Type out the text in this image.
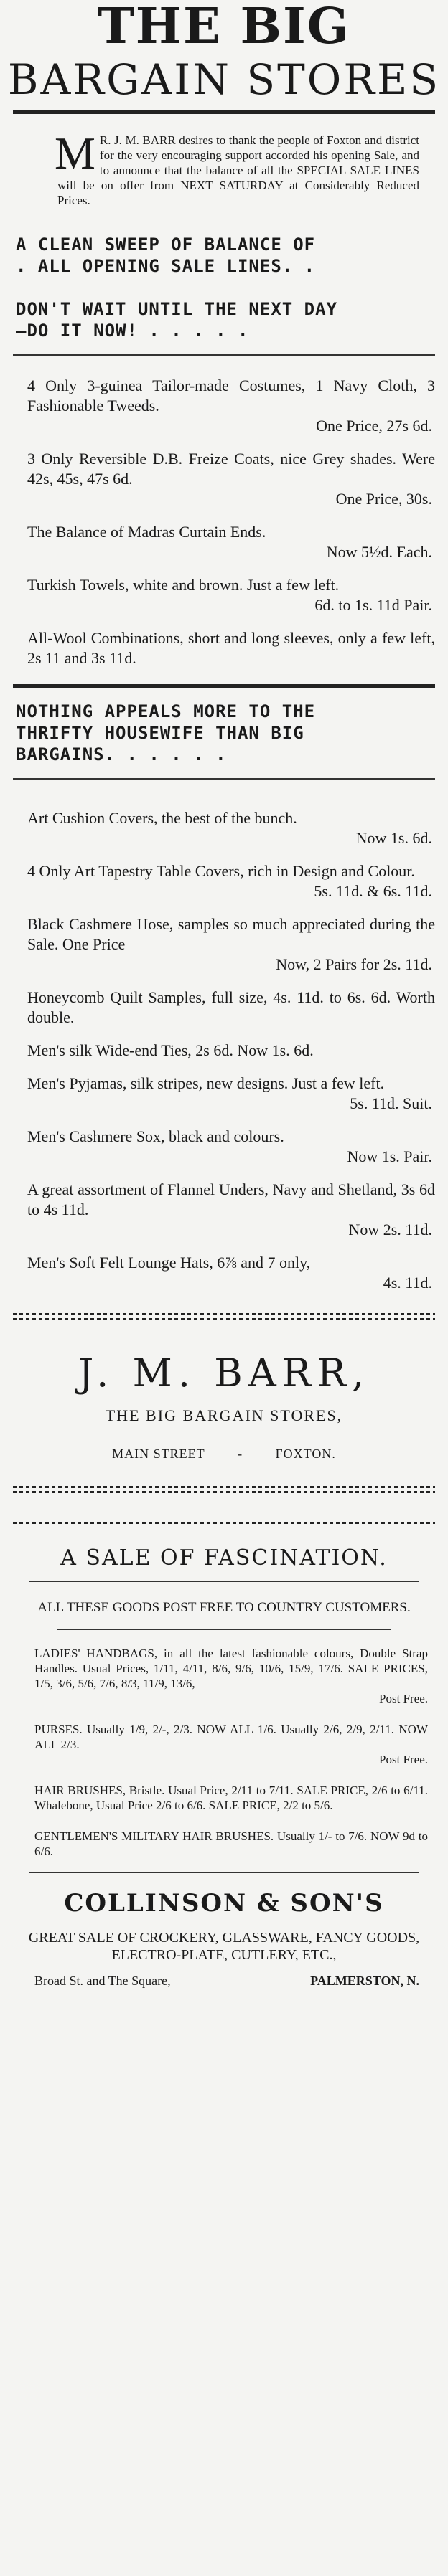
THE BIG
BARGAIN STORES
M R. J. M. BARR desires to thank the people of Foxton and district for the very encouraging support accorded his opening Sale, and to announce that the balance of all the SPECIAL SALE LINES will be on offer from NEXT SATURDAY at Considerably Reduced Prices.
A CLEAN SWEEP OF BALANCE OF
. ALL OPENING SALE LINES. .
DON'T WAIT UNTIL THE NEXT DAY
—DO IT NOW! . . . . .
4 Only 3-guinea Tailor-made Costumes, 1 Navy Cloth, 3 Fashionable Tweeds.
One Price, 27s 6d.
3 Only Reversible D.B. Freize Coats, nice Grey shades. Were 42s, 45s, 47s 6d.
One Price, 30s.
The Balance of Madras Curtain Ends.
Now 5½d. Each.
Turkish Towels, white and brown. Just a few left.
6d. to 1s. 11d Pair.
All-Wool Combinations, short and long sleeves, only a few left, 2s 11 and 3s 11d.
NOTHING APPEALS MORE TO THE
THRIFTY HOUSEWIFE THAN BIG
BARGAINS. . . . . .
Art Cushion Covers, the best of the bunch.
Now 1s. 6d.
4 Only Art Tapestry Table Covers, rich in Design and Colour.
5s. 11d. & 6s. 11d.
Black Cashmere Hose, samples so much appreciated during the Sale. One Price
Now, 2 Pairs for 2s. 11d.
Honeycomb Quilt Samples, full size, 4s. 11d. to 6s. 6d. Worth double.
Men's silk Wide-end Ties, 2s 6d. Now 1s. 6d.
Men's Pyjamas, silk stripes, new designs. Just a few left.
5s. 11d. Suit.
Men's Cashmere Sox, black and colours.
Now 1s. Pair.
A great assortment of Flannel Unders, Navy and Shetland, 3s 6d to 4s 11d.
Now 2s. 11d.
Men's Soft Felt Lounge Hats, 6⅞ and 7 only,
4s. 11d.
J. M. BARR,
THE BIG BARGAIN STORES,
MAIN STREET	-	FOXTON.
A SALE OF FASCINATION.
ALL THESE GOODS POST FREE TO COUNTRY CUSTOMERS.
LADIES' HANDBAGS, in all the latest fashionable colours, Double Strap Handles. Usual Prices, 1/11, 4/11, 8/6, 9/6, 10/6, 15/9, 17/6. SALE PRICES, 1/5, 3/6, 5/6, 7/6, 8/3, 11/9, 13/6,
Post Free.
PURSES. Usually 1/9, 2/-, 2/3. NOW ALL 1/6. Usually 2/6, 2/9, 2/11. NOW ALL 2/3.
Post Free.
HAIR BRUSHES, Bristle. Usual Price, 2/11 to 7/11. SALE PRICE, 2/6 to 6/11. Whalebone, Usual Price 2/6 to 6/6. SALE PRICE, 2/2 to 5/6.
GENTLEMEN'S MILITARY HAIR BRUSHES. Usually 1/- to 7/6. NOW 9d to 6/6.
COLLINSON & SON'S
GREAT SALE OF CROCKERY, GLASSWARE, FANCY GOODS, ELECTRO-PLATE, CUTLERY, ETC.,
Broad St. and The Square,	PALMERSTON, N.
